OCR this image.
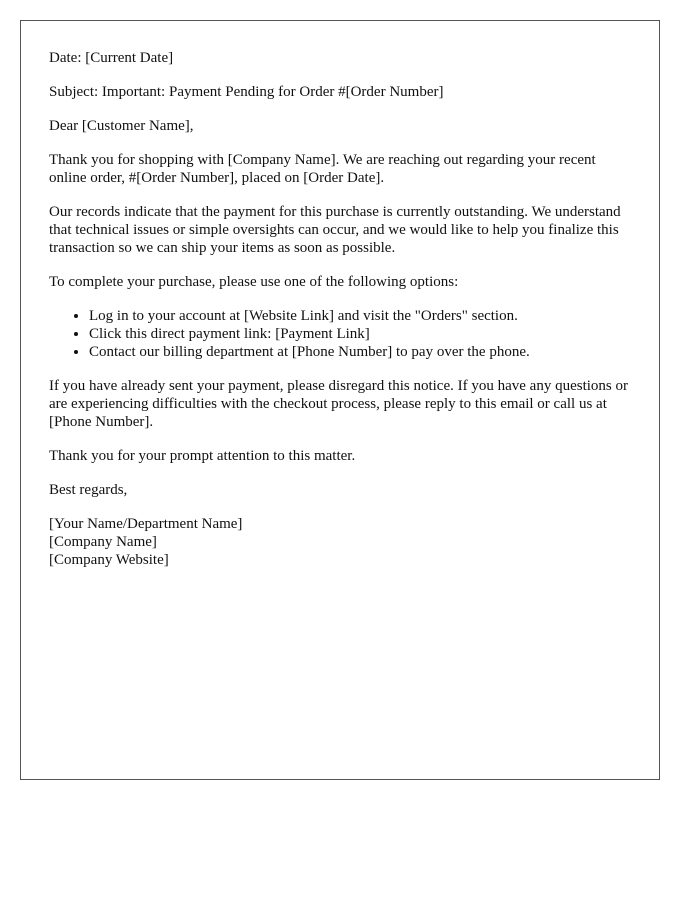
Date: [Current Date]

Subject: Important: Payment Pending for Order #[Order Number]

Dear [Customer Name],

Thank you for shopping with [Company Name]. We are reaching out regarding your recent online order, #[Order Number], placed on [Order Date].

Our records indicate that the payment for this purchase is currently outstanding. We understand that technical issues or simple oversights can occur, and we would like to help you finalize this transaction so we can ship your items as soon as possible.

To complete your purchase, please use one of the following options:

• Log in to your account at [Website Link] and visit the "Orders" section.
• Click this direct payment link: [Payment Link]
• Contact our billing department at [Phone Number] to pay over the phone.

If you have already sent your payment, please disregard this notice. If you have any questions or are experiencing difficulties with the checkout process, please reply to this email or call us at [Phone Number].

Thank you for your prompt attention to this matter.

Best regards,

[Your Name/Department Name]
[Company Name]
[Company Website]
